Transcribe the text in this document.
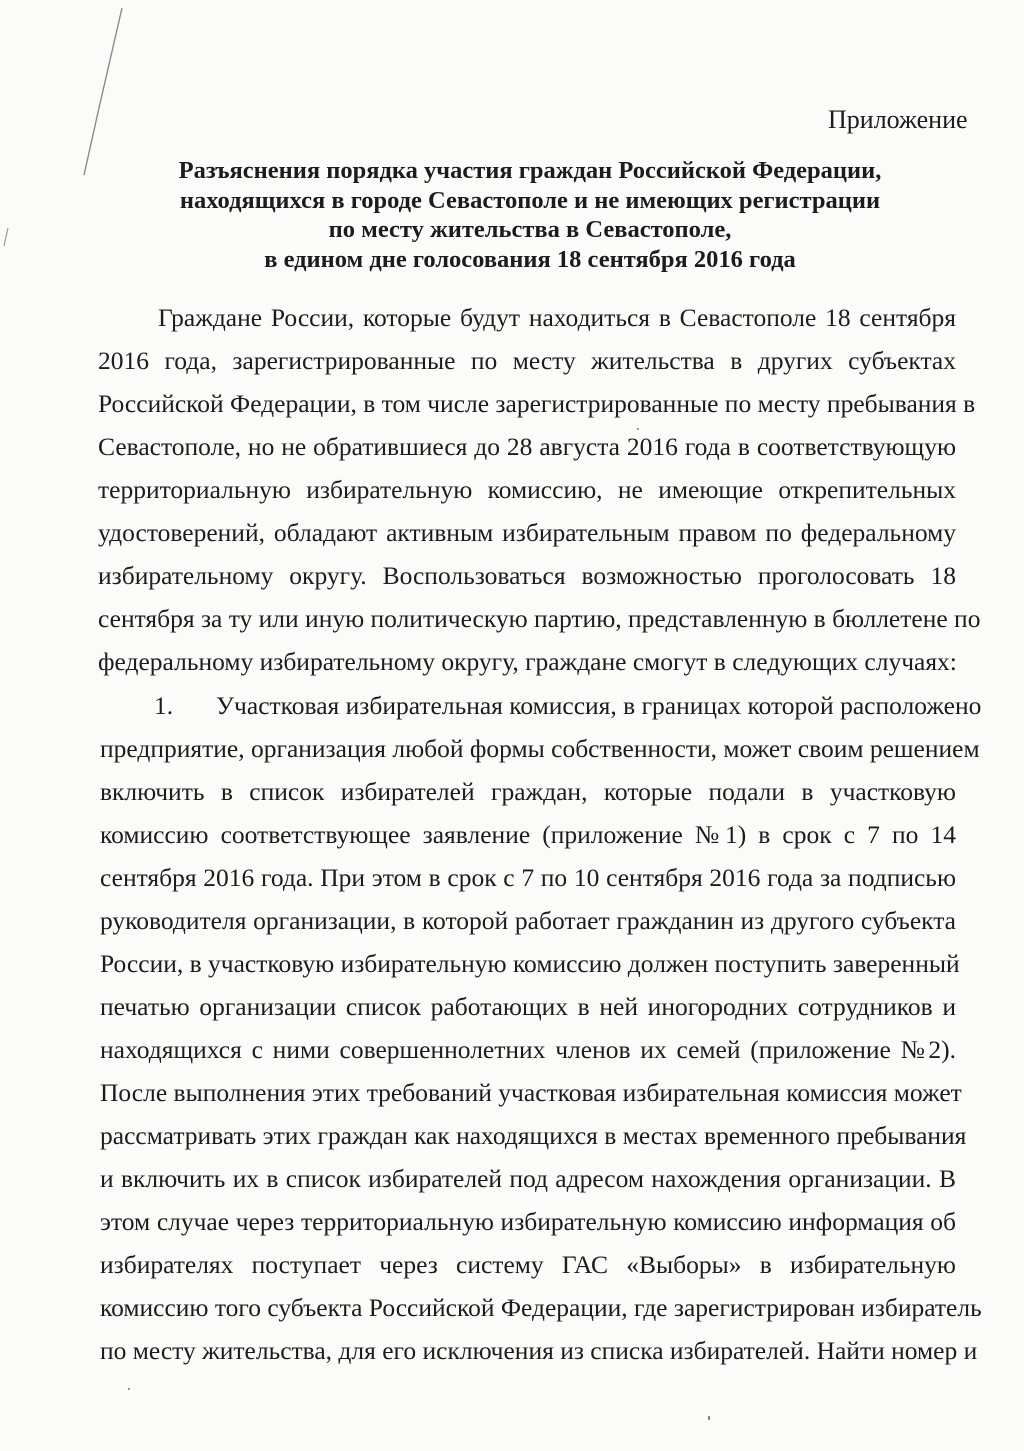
Приложение
Разъяснения порядка участия граждан Российской Федерации,
находящихся в городе Севастополе и не имеющих регистрации
по месту жительства в Севастополе,
в едином дне голосования 18 сентября 2016 года
Граждане России, которые будут находиться в Севастополе 18 сентября
2016 года, зарегистрированные по месту жительства в других субъектах
Российской Федерации, в том числе зарегистрированные по месту пребывания в
Севастополе, но не обратившиеся до 28 августа 2016 года в соответствующую
территориальную избирательную комиссию, не имеющие открепительных
удостоверений, обладают активным избирательным правом по федеральному
избирательному округу. Воспользоваться возможностью проголосовать 18
сентября за ту или иную политическую партию, представленную в бюллетене по
федеральному избирательному округу, граждане смогут в следующих случаях:
1. Участковая избирательная комиссия, в границах которой расположено
предприятие, организация любой формы собственности, может своим решением
включить в список избирателей граждан, которые подали в участковую
комиссию соответствующее заявление (приложение №1) в срок с 7 по 14
сентября 2016 года. При этом в срок с 7 по 10 сентября 2016 года за подписью
руководителя организации, в которой работает гражданин из другого субъекта
России, в участковую избирательную комиссию должен поступить заверенный
печатью организации список работающих в ней иногородних сотрудников и
находящихся с ними совершеннолетних членов их семей (приложение №2).
После выполнения этих требований участковая избирательная комиссия может
рассматривать этих граждан как находящихся в местах временного пребывания
и включить их в список избирателей под адресом нахождения организации. В
этом случае через территориальную избирательную комиссию информация об
избирателях поступает через систему ГАС «Выборы» в избирательную
комиссию того субъекта Российской Федерации, где зарегистрирован избиратель
по месту жительства, для его исключения из списка избирателей. Найти номер и
